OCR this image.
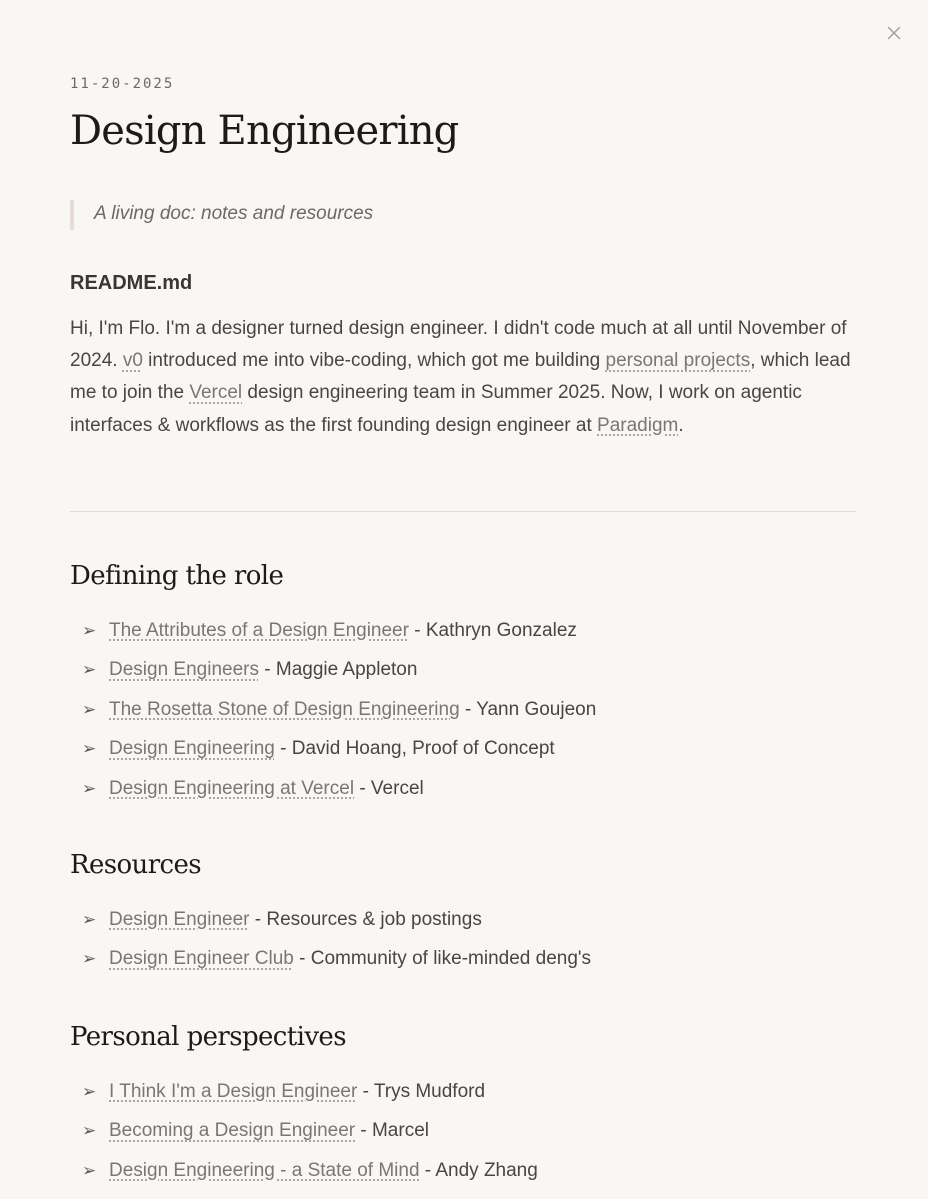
11-20-2025
Design Engineering
A living doc: notes and resources
README.md

Hi, I'm Flo. I'm a designer turned design engineer. I didn't code much at all until November of 2024. v0 introduced me into vibe-coding, which got me building personal projects, which lead me to join the Vercel design engineering team in Summer 2025. Now, I work on agentic interfaces & workflows as the first founding design engineer at Paradigm.

Defining the role
➢ The Attributes of a Design Engineer - Kathryn Gonzalez
➢ Design Engineers - Maggie Appleton
➢ The Rosetta Stone of Design Engineering - Yann Goujeon
➢ Design Engineering - David Hoang, Proof of Concept
➢ Design Engineering at Vercel - Vercel
Resources
➢ Design Engineer - Resources & job postings
➢ Design Engineer Club - Community of like-minded deng's
Personal perspectives
➢ I Think I'm a Design Engineer - Trys Mudford
➢ Becoming a Design Engineer - Marcel
➢ Design Engineering - a State of Mind - Andy Zhang
